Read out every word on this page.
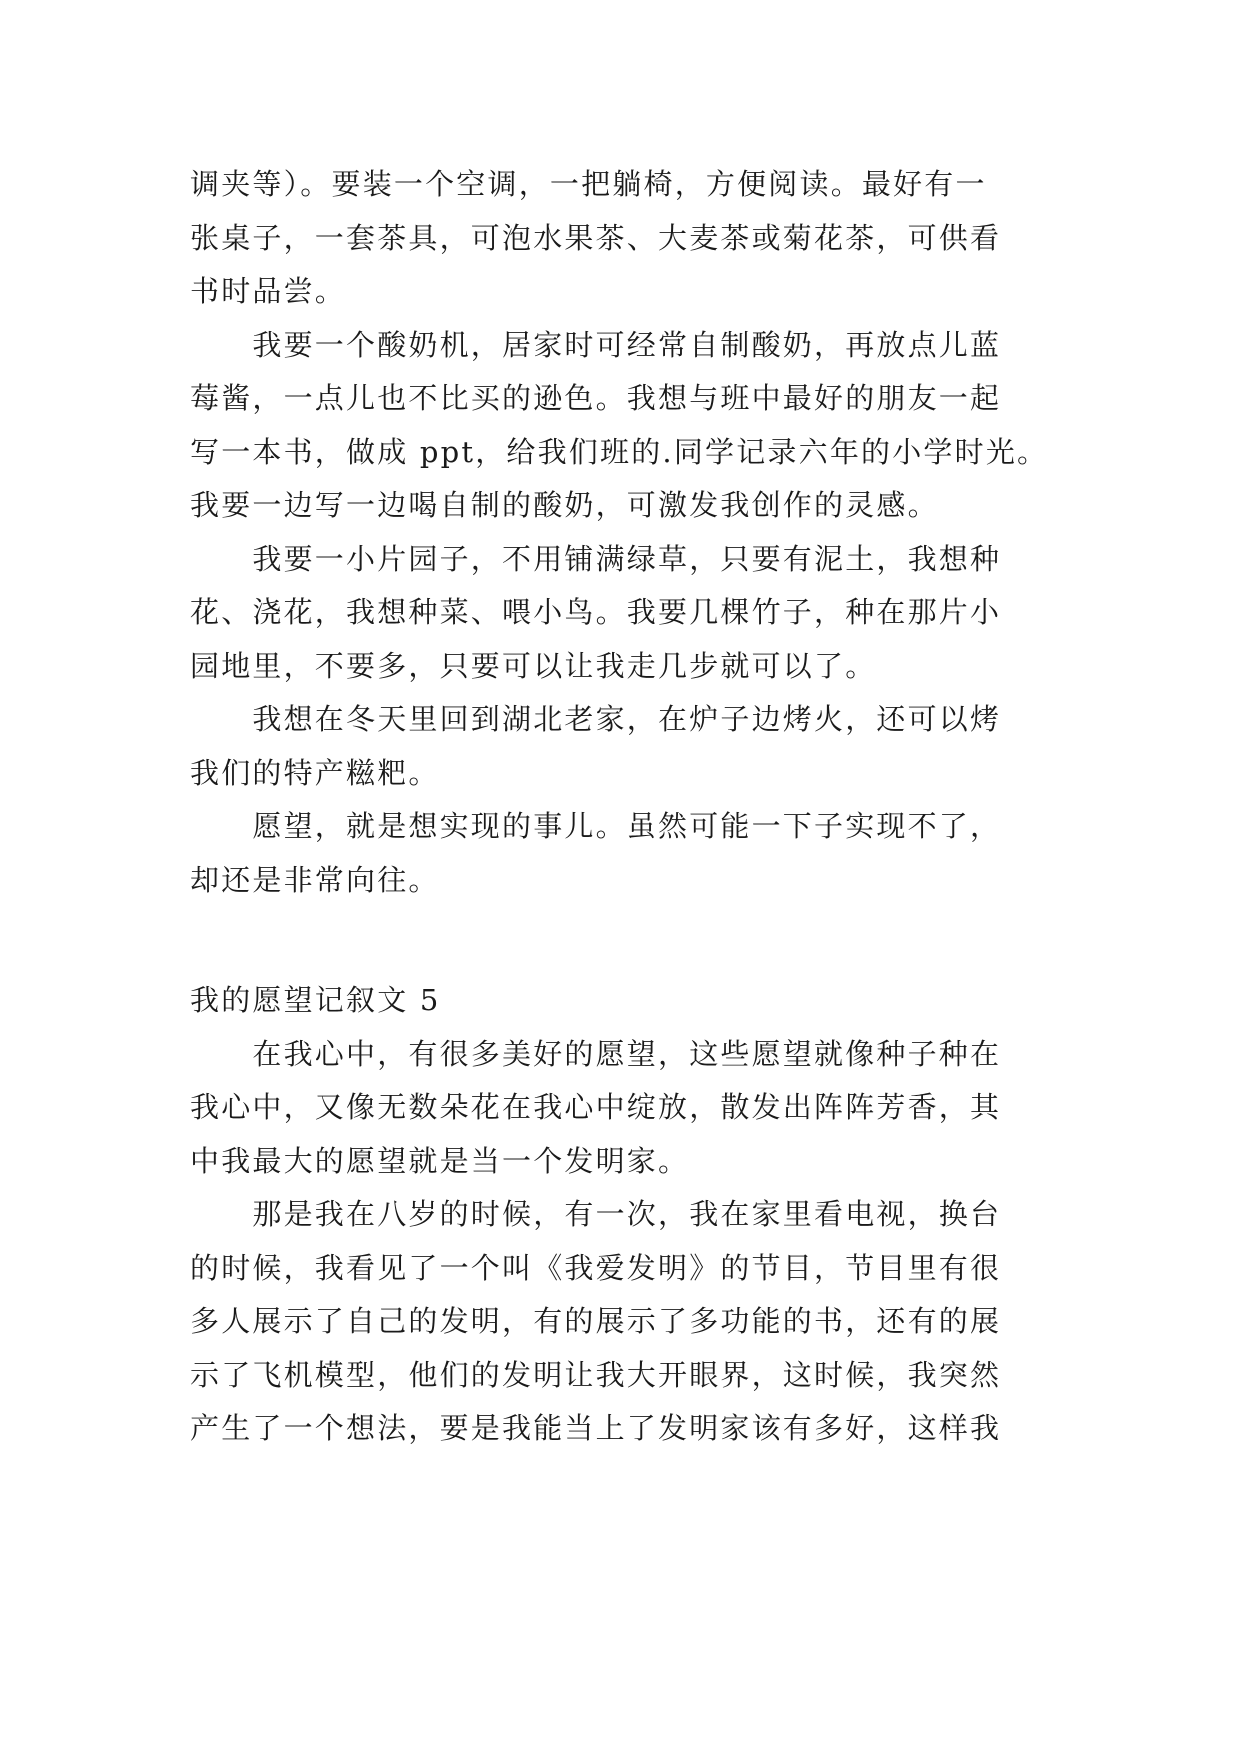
调夹等）。要装一个空调，一把躺椅，方便阅读。最好有一
张桌子，一套茶具，可泡水果茶、大麦茶或菊花茶，可供看
书时品尝。
　　我要一个酸奶机，居家时可经常自制酸奶，再放点儿蓝
莓酱，一点儿也不比买的逊色。我想与班中最好的朋友一起
写一本书，做成 ppt，给我们班的.同学记录六年的小学时光。
我要一边写一边喝自制的酸奶，可激发我创作的灵感。
　　我要一小片园子，不用铺满绿草，只要有泥土，我想种
花、浇花，我想种菜、喂小鸟。我要几棵竹子，种在那片小
园地里，不要多，只要可以让我走几步就可以了。
　　我想在冬天里回到湖北老家，在炉子边烤火，还可以烤
我们的特产糍粑。
　　愿望，就是想实现的事儿。虽然可能一下子实现不了，
却还是非常向往。
我的愿望记叙文 5
　　在我心中，有很多美好的愿望，这些愿望就像种子种在
我心中，又像无数朵花在我心中绽放，散发出阵阵芳香，其
中我最大的愿望就是当一个发明家。
　　那是我在八岁的时候，有一次，我在家里看电视，换台
的时候，我看见了一个叫《我爱发明》的节目，节目里有很
多人展示了自己的发明，有的展示了多功能的书，还有的展
示了飞机模型，他们的发明让我大开眼界，这时候，我突然
产生了一个想法，要是我能当上了发明家该有多好，这样我
